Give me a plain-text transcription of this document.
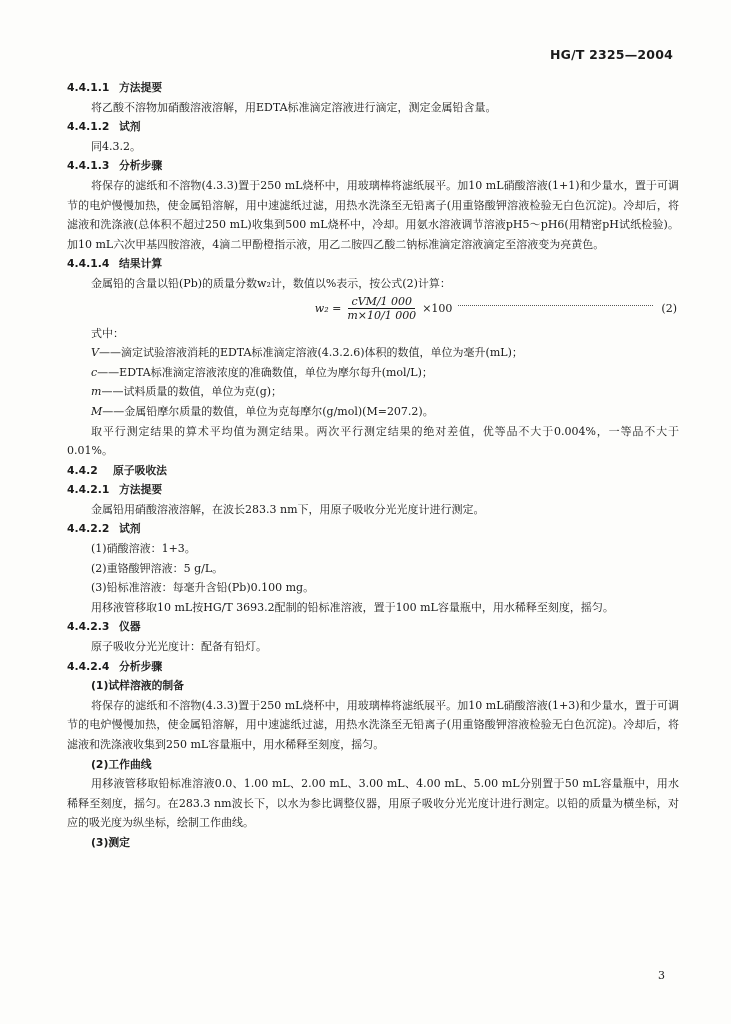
HG/T 2325—2004
4.4.1.1 方法提要

将乙酸不溶物加硝酸溶液溶解，用EDTA标准滴定溶液进行滴定，测定金属铅含量。

4.4.1.2 试剂

同4.3.2。

4.4.1.3 分析步骤

将保存的滤纸和不溶物(4.3.3)置于250 mL烧杯中，用玻璃棒将滤纸展平。加10 mL硝酸溶液(1+1)和少量水，置于可调节的电炉慢慢加热，使金属铅溶解，用中速滤纸过滤，用热水洗涤至无铅离子(用重铬酸钾溶液检验无白色沉淀)。冷却后，将滤液和洗涤液(总体积不超过250 mL)收集到500 mL烧杯中，冷却。用氨水溶液调节溶液pH5～pH6(用精密pH试纸检验)。加10 mL六次甲基四胺溶液，4滴二甲酚橙指示液，用乙二胺四乙酸二钠标准滴定溶液滴定至溶液变为亮黄色。

4.4.1.4 结果计算

金属铅的含量以铅(Pb)的质量分数w₂计，数值以%表示，按公式(2)计算：

$w_2 = \frac{\text{cVM/1 000}}{m\times 10/1 000} \times 100$	(2)

式中：

V——滴定试验溶液消耗的EDTA标准滴定溶液(4.3.2.6)体积的数值，单位为毫升(mL)；
c——EDTA标准滴定溶液浓度的准确数值，单位为摩尔每升(mol/L)；
m——试料质量的数值，单位为克(g)；
M——金属铅摩尔质量的数值，单位为克每摩尔(g/mol)(M=207.2)。

取平行测定结果的算术平均值为测定结果。两次平行测定结果的绝对差值，优等品不大于0.004%，一等品不大于0.01%。

4.4.2 原子吸收法
4.4.2.1 方法提要

金属铅用硝酸溶液溶解，在波长283.3 nm下，用原子吸收分光光度计进行测定。

4.4.2.2 试剂

(1)硝酸溶液：1+3。

(2)重铬酸钾溶液：5 g/L。

(3)铅标准溶液：每毫升含铅(Pb)0.100 mg。

用移液管移取10 mL按HG/T 3693.2配制的铅标准溶液，置于100 mL容量瓶中，用水稀释至刻度，摇匀。

4.4.2.3 仪器

原子吸收分光光度计：配备有铅灯。

4.4.2.4 分析步骤
(1)试样溶液的制备

将保存的滤纸和不溶物(4.3.3)置于250 mL烧杯中，用玻璃棒将滤纸展平。加10 mL硝酸溶液(1+3)和少量水，置于可调节的电炉慢慢加热，使金属铅溶解，用中速滤纸过滤，用热水洗涤至无铅离子(用重铬酸钾溶液检验无白色沉淀)。冷却后，将滤液和洗涤液收集到250 mL容量瓶中，用水稀释至刻度，摇匀。

(2)工作曲线

用移液管移取铅标准溶液0.0、1.00 mL、2.00 mL、3.00 mL、4.00 mL、5.00 mL分别置于50 mL容量瓶中，用水稀释至刻度，摇匀。在283.3 nm波长下，以水为参比调整仪器，用原子吸收分光光度计进行测定。以铅的质量为横坐标，对应的吸光度为纵坐标，绘制工作曲线。

(3)测定
3
